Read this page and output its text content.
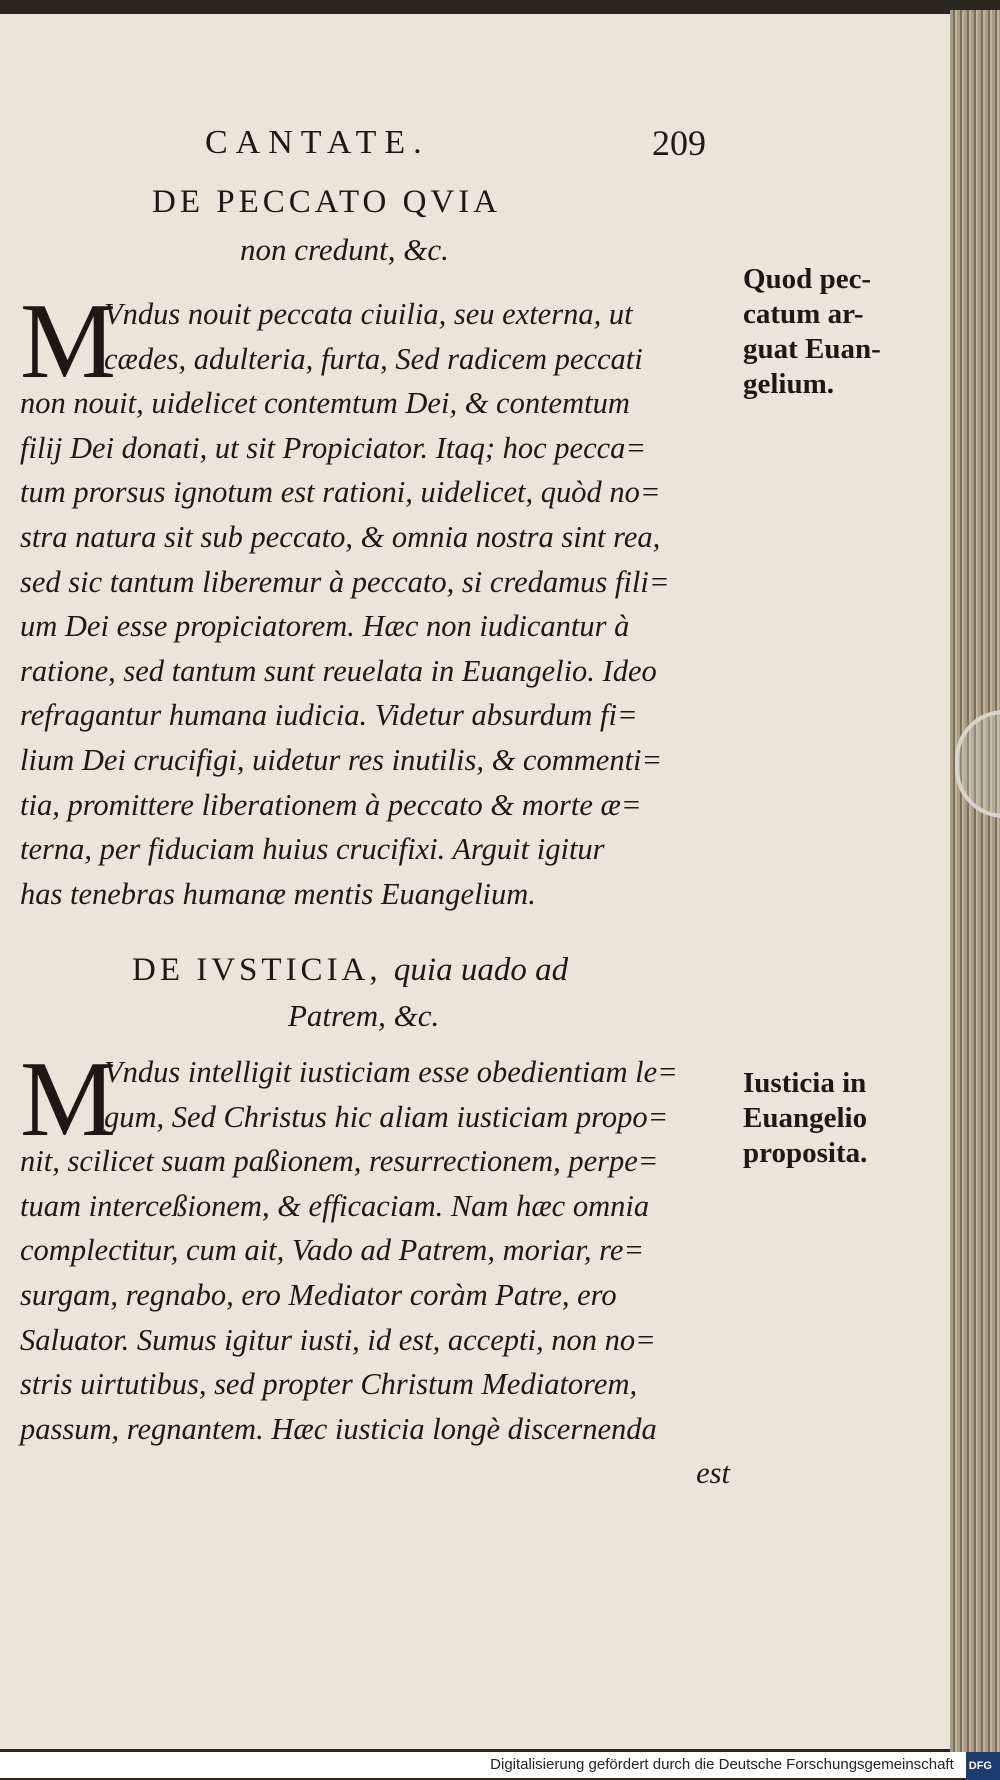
CANTATE.	209
DE PECCATO QVIA
non credunt, &c.
M
Vndus nouit peccata ciuilia, seu externa, ut
cædes, adulteria, furta, Sed radicem peccati
non nouit, uidelicet contemtum Dei, & contemtum
filij Dei donati, ut sit Propiciator. Itaq; hoc pecca=
tum prorsus ignotum est rationi, uidelicet, quòd no=
stra natura sit sub peccato, & omnia nostra sint rea,
sed sic tantum liberemur à peccato, si credamus fili=
um Dei esse propiciatorem. Hæc non iudicantur à
ratione, sed tantum sunt reuelata in Euangelio. Ideo
refragantur humana iudicia. Videtur absurdum fi=
lium Dei crucifigi, uidetur res inutilis, & commenti=
tia, promittere liberationem à peccato & morte æ=
terna, per fiduciam huius crucifixi. Arguit igitur
has tenebras humanæ mentis Euangelium.
Quod pec-
catum ar-
guat Euan-
gelium.
DE IVSTICIA, quia uado ad
Patrem, &c.
M
Vndus intelligit iusticiam esse obedientiam le=
gum, Sed Christus hic aliam iusticiam propo=
nit, scilicet suam paßionem, resurrectionem, perpe=
tuam interceßionem, & efficaciam. Nam hæc omnia
complectitur, cum ait, Vado ad Patrem, moriar, re=
surgam, regnabo, ero Mediator coràm Patre, ero
Saluator. Sumus igitur iusti, id est, accepti, non no=
stris uirtutibus, sed propter Christum Mediatorem,
passum, regnantem. Hæc iusticia longè discernenda
est
Iusticia in
Euangelio
proposita.
Digitalisierung gefördert durch die Deutsche Forschungsgemeinschaft DFG
